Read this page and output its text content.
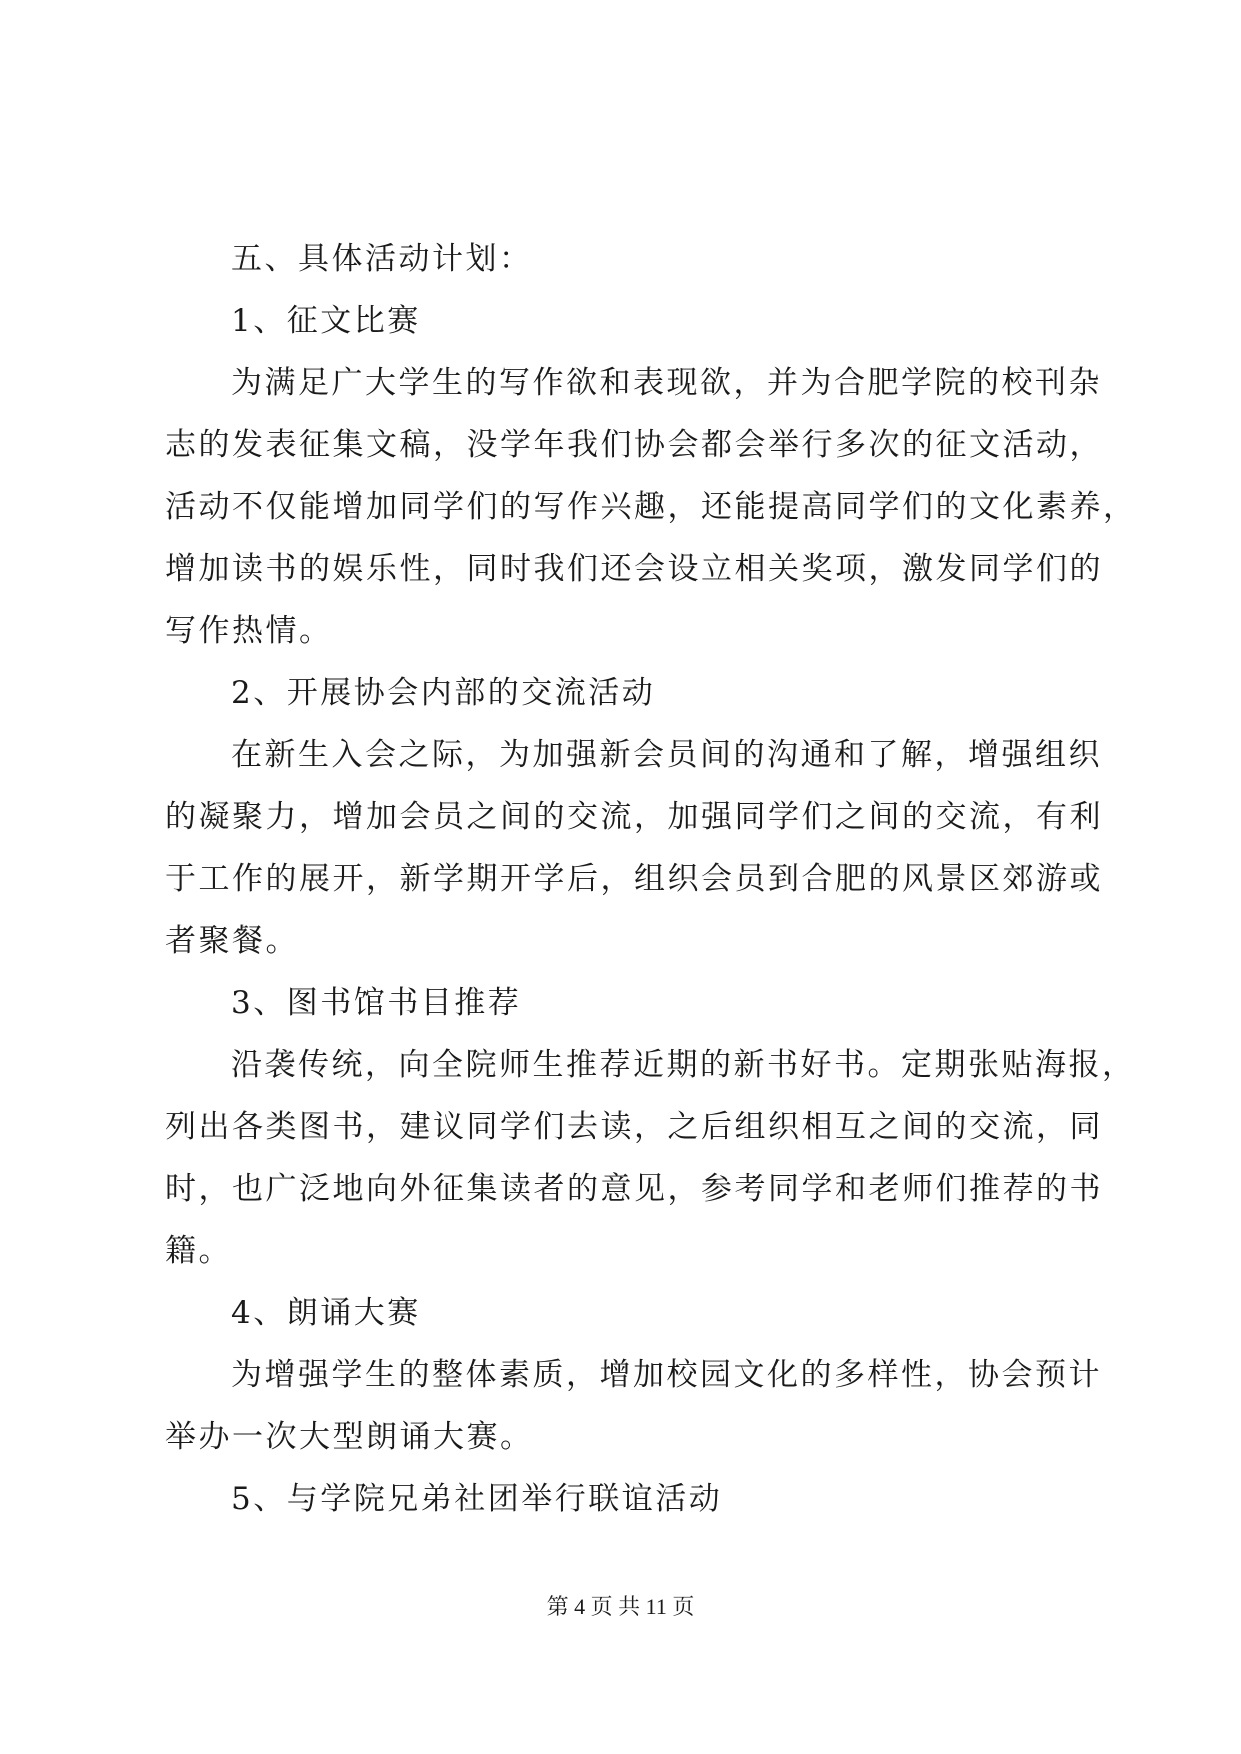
五、具体活动计划：
1、征文比赛
为满足广大学生的写作欲和表现欲，并为合肥学院的校刊杂
志的发表征集文稿，没学年我们协会都会举行多次的征文活动，
活动不仅能增加同学们的写作兴趣，还能提高同学们的文化素养，
增加读书的娱乐性，同时我们还会设立相关奖项，激发同学们的
写作热情。
2、开展协会内部的交流活动
在新生入会之际，为加强新会员间的沟通和了解，增强组织
的凝聚力，增加会员之间的交流，加强同学们之间的交流，有利
于工作的展开，新学期开学后，组织会员到合肥的风景区郊游或
者聚餐。
3、图书馆书目推荐
沿袭传统，向全院师生推荐近期的新书好书。定期张贴海报，
列出各类图书，建议同学们去读，之后组织相互之间的交流，同
时，也广泛地向外征集读者的意见，参考同学和老师们推荐的书
籍。
4、朗诵大赛
为增强学生的整体素质，增加校园文化的多样性，协会预计
举办一次大型朗诵大赛。
5、与学院兄弟社团举行联谊活动
第 4 页 共 11 页
